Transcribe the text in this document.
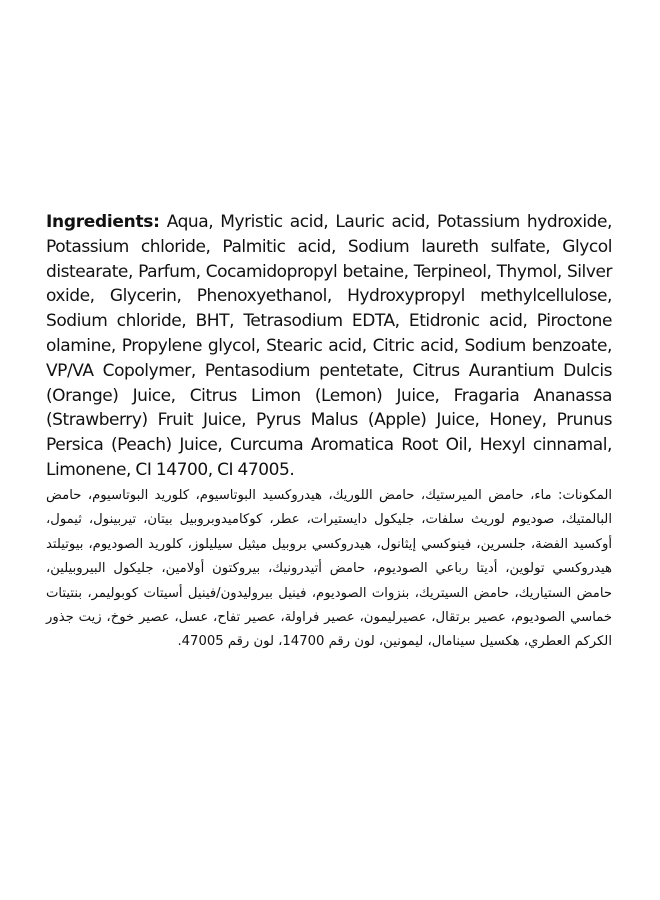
Ingredients: Aqua, Myristic acid, Lauric acid, Potassium hydroxide, Potassium chloride, Palmitic acid, Sodium laureth sulfate, Glycol distearate, Parfum, Cocamidopropyl betaine, Terpineol, Thymol, Silver oxide, Glycerin, Phenoxyethanol, Hydroxypropyl methylcellulose, Sodium chloride, BHT, Tetrasodium EDTA, Etidronic acid, Piroctone olamine, Propylene glycol, Stearic acid, Citric acid, Sodium benzoate, VP/VA Copolymer, Pentasodium pentetate, Citrus Aurantium Dulcis (Orange) Juice, Citrus Limon (Lemon) Juice, Fragaria Ananassa (Strawberry) Fruit Juice, Pyrus Malus (Apple) Juice, Honey, Prunus Persica (Peach) Juice, Curcuma Aromatica Root Oil, Hexyl cinnamal, Limonene, CI 14700, CI 47005.

المكونات: ماء، حامض الميرستيك، حامض اللوريك، هيدروكسيد البوتاسيوم، كلوريد البوتاسيوم، حامض البالمتيك، صوديوم لوريث سلفات، جليكول دايستيرات، عطر، كوكاميدوبروبيل بيتان، تيربينول، ثيمول، أوكسيد الفضة، جلسرين، فينوكسي إيثانول، هيدروكسي بروبيل ميثيل سيليلوز، كلوريد الصوديوم، بيوتيلتد هيدروكسي تولوين، أديتا رباعي الصوديوم، حامض أتيدرونيك، بيروكتون أولامين، جليكول البيروبيلين، حامض الستياريك، حامض السيتريك، بنزوات الصوديوم، فينيل بيروليدون/فينيل أسيتات كوبوليمر، بنتيتات خماسي الصوديوم، عصير برتقال، عصيرليمون، عصير فراولة، عصير تفاح، عسل، عصير خوخ، زيت جذور الكركم العطري، هكسيل سينامال، ليمونين، لون رقم 14700، لون رقم 47005.
